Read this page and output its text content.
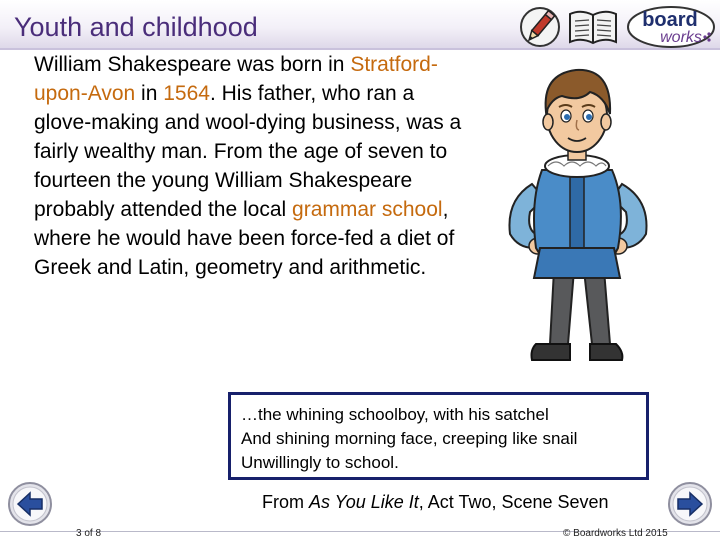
Youth and childhood	board
works
William Shakespeare was born in Stratford-upon-Avon in 1564. His father, who ran a glove-making and wool-dying business, was a fairly wealthy man. From the age of seven to fourteen the young William Shakespeare probably attended the local grammar school, where he would have been force-fed a diet of Greek and Latin, geometry and arithmetic.
…the whining schoolboy, with his satchel
And shining morning face, creeping like snail
Unwillingly to school.
From As You Like It, Act Two, Scene Seven
3 of 8	© Boardworks Ltd 2015
